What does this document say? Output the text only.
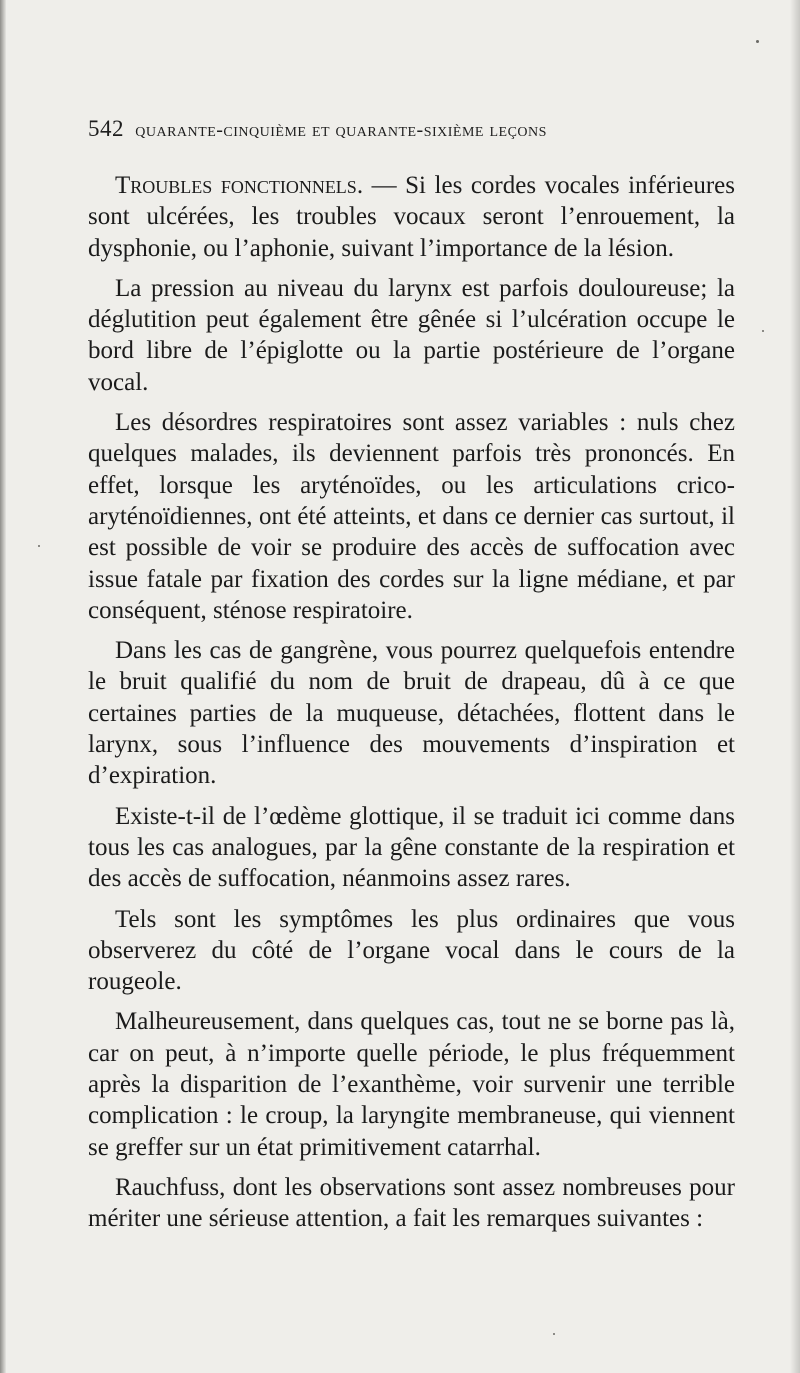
542 quarante-cinquième et quarante-sixième leçons

Troubles fonctionnels. — Si les cordes vocales inférieures sont ulcérées, les troubles vocaux seront l’enrouement, la dysphonie, ou l’aphonie, suivant l’importance de la lésion.

La pression au niveau du larynx est parfois douloureuse; la déglutition peut également être gênée si l’ulcération occupe le bord libre de l’épiglotte ou la partie postérieure de l’organe vocal.

Les désordres respiratoires sont assez variables : nuls chez quelques malades, ils deviennent parfois très prononcés. En effet, lorsque les aryténoïdes, ou les articulations crico-aryténoïdiennes, ont été atteints, et dans ce dernier cas surtout, il est possible de voir se produire des accès de suffocation avec issue fatale par fixation des cordes sur la ligne médiane, et par conséquent, sténose respiratoire.

Dans les cas de gangrène, vous pourrez quelquefois entendre le bruit qualifié du nom de bruit de drapeau, dû à ce que certaines parties de la muqueuse, détachées, flottent dans le larynx, sous l’influence des mouvements d’inspiration et d’expiration.

Existe-t-il de l’œdème glottique, il se traduit ici comme dans tous les cas analogues, par la gêne constante de la respiration et des accès de suffocation, néanmoins assez rares.

Tels sont les symptômes les plus ordinaires que vous observerez du côté de l’organe vocal dans le cours de la rougeole.

Malheureusement, dans quelques cas, tout ne se borne pas là, car on peut, à n’importe quelle période, le plus fréquemment après la disparition de l’exanthème, voir survenir une terrible complication : le croup, la laryngite membraneuse, qui viennent se greffer sur un état primitivement catarrhal.

Rauchfuss, dont les observations sont assez nombreuses pour mériter une sérieuse attention, a fait les remarques suivantes :
